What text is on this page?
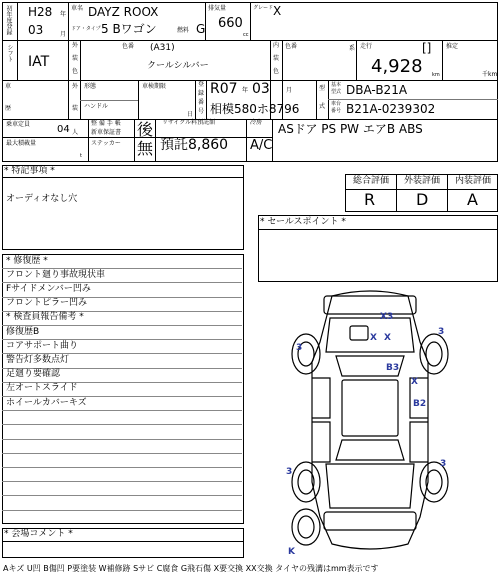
初年度登録
H28 年
03	月
車名 DAYZ ROOX
ドア・タイプ 5 Bワゴン	燃料 G
排気量
660
cc
グレード X
シフト IAT
外
装
色
色番 (A31)
クールシルバー
内
装
色
色番	系 走行	[]
4,928 km
推定
千km
車
歴
外
装
形態
ハンドル
車検期限
日
登
録
番
号
R07 年 03	月
相模580ホ8796
型
式
基本
型式 DBA-B21A
車台
番号 B21A-0239302
乗車定員	04 人
整 備 手 帳
新車保証書 後 リサイクル料預託額
預託8,860
冷房
A/C
ASドア PS PW エアB ABS
最大積載量
t
ステッカー 無
* 特記事項 *
オーディオなし穴
総合評価 外装評価 内装評価
R	D A
* セールスポイント *
* 修復歴 *
フロント廻り事故現状車
Fサイドメンバー凹み
フロントピラー凹み
* 検査員報告備考 *
修復歴B
コアサポート曲り
警告灯多数点灯
足廻り要確認
左オートスライド
ホイールカバーキズ
* 会場コメント *
X3
X X
3
3
B3
X
B2
3
3
K
Aキズ U凹 B傷凹 P要塗装 W補修跡 Sサビ C腐食 G飛石傷 X要交換 XX交換 タイヤの残溝はmm表示です
